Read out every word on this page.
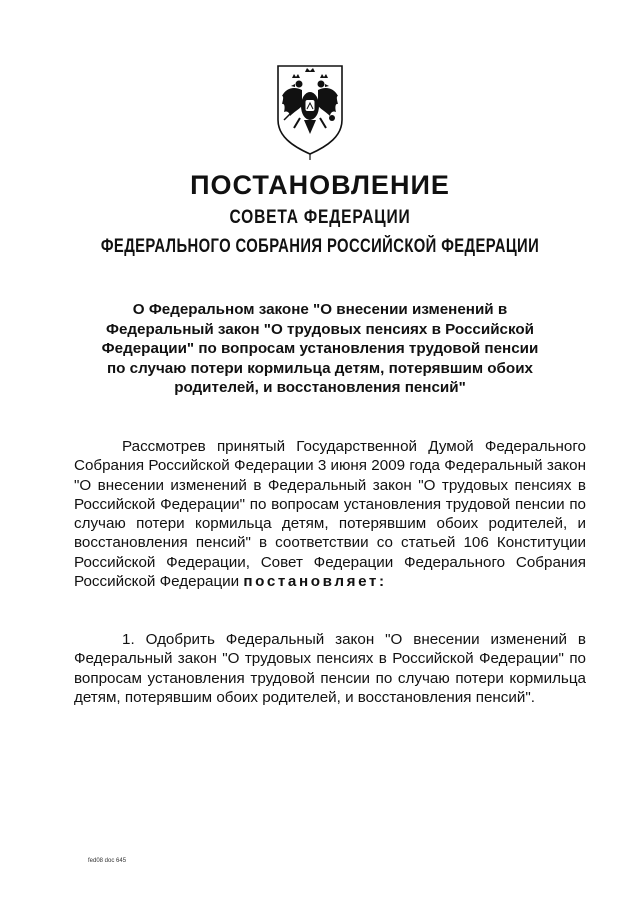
ПОСТАНОВЛЕНИЕ
СОВЕТА ФЕДЕРАЦИИ
ФЕДЕРАЛЬНОГО СОБРАНИЯ РОССИЙСКОЙ ФЕДЕРАЦИИ

О Федеральном законе "О внесении изменений в Федеральный закон "О трудовых пенсиях в Российской Федерации" по вопросам установления трудовой пенсии по случаю потери кормильца детям, потерявшим обоих родителей, и восстановления пенсий"

Рассмотрев принятый Государственной Думой Федерального Собрания Российской Федерации 3 июня 2009 года Федеральный закон "О внесении изменений в Федеральный закон "О трудовых пенсиях в Российской Федерации" по вопросам установления трудовой пенсии по случаю потери кормильца детям, потерявшим обоих родителей, и восстановления пенсий" в соответствии со статьей 106 Конституции Российской Федерации, Совет Федерации Федерального Собрания Российской Федерации постановляет:

1. Одобрить Федеральный закон "О внесении изменений в Федеральный закон "О трудовых пенсиях в Российской Федерации" по вопросам установления трудовой пенсии по случаю потери кормильца детям, потерявшим обоих родителей, и восстановления пенсий".

fed08 doc 645
